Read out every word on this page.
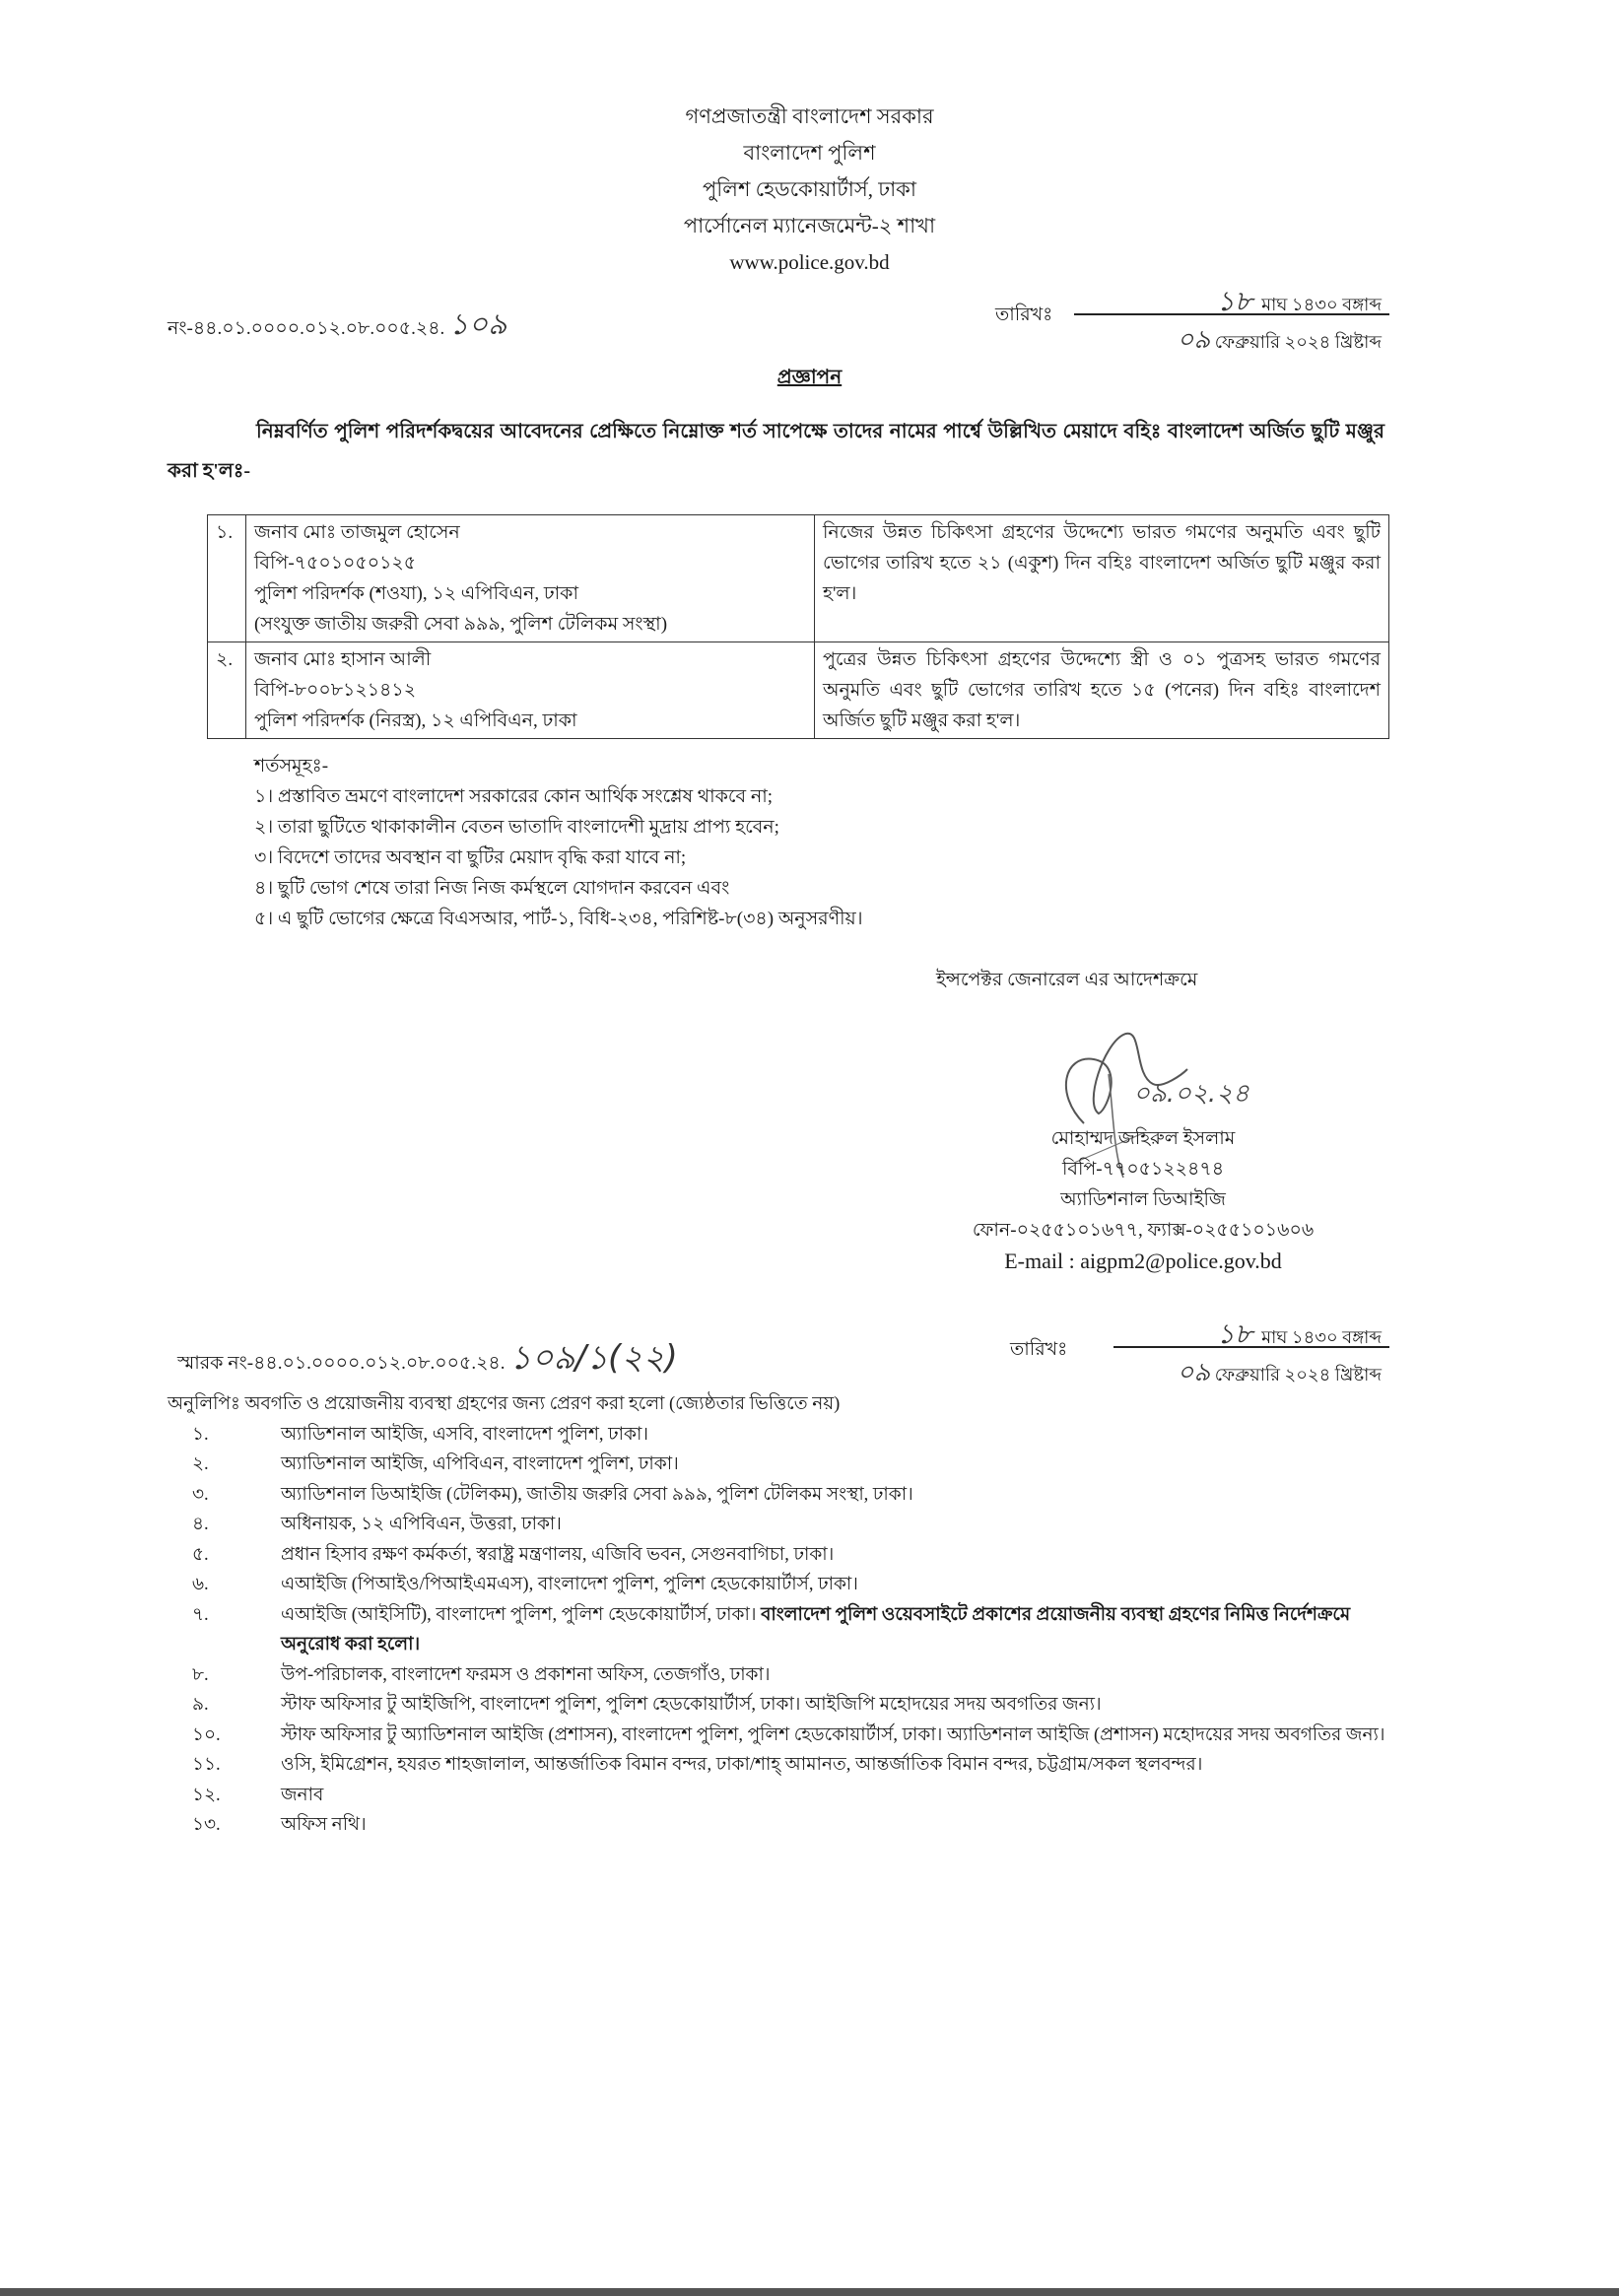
গণপ্রজাতন্ত্রী বাংলাদেশ সরকার
বাংলাদেশ পুলিশ
পুলিশ হেডকোয়ার্টার্স, ঢাকা
পার্সোনেল ম্যানেজমেন্ট-২ শাখা
www.police.gov.bd
নং-৪৪.০১.০০০০.০১২.০৮.০০৫.২৪. ১০৯	তারিখঃ	১৮ মাঘ ১৪৩০ বঙ্গাব্দ
০৯ ফেব্রুয়ারি ২০২৪ খ্রিষ্টাব্দ
প্রজ্ঞাপন
নিম্নবর্ণিত পুলিশ পরিদর্শকদ্বয়ের আবেদনের প্রেক্ষিতে নিম্নোক্ত শর্ত সাপেক্ষে তাদের নামের পার্শ্বে উল্লিখিত মেয়াদে বহিঃ বাংলাদেশ অর্জিত ছুটি মঞ্জুর করা হ'লঃ-
১.	জনাব মোঃ তাজমুল হোসেন
বিপি-৭৫০১০৫০১২৫
পুলিশ পরিদর্শক (শওযা), ১২ এপিবিএন, ঢাকা
(সংযুক্ত জাতীয় জরুরী সেবা ৯৯৯, পুলিশ টেলিকম সংস্থা)	নিজের উন্নত চিকিৎসা গ্রহণের উদ্দেশ্যে ভারত গমণের অনুমতি এবং ছুটি ভোগের তারিখ হতে ২১ (একুশ) দিন বহিঃ বাংলাদেশ অর্জিত ছুটি মঞ্জুর করা হ'ল।
২.	জনাব মোঃ হাসান আলী
বিপি-৮০০৮১২১৪১২
পুলিশ পরিদর্শক (নিরস্ত্র), ১২ এপিবিএন, ঢাকা	পুত্রের উন্নত চিকিৎসা গ্রহণের উদ্দেশ্যে স্ত্রী ও ০১ পুত্রসহ ভারত গমণের অনুমতি এবং ছুটি ভোগের তারিখ হতে ১৫ (পনের) দিন বহিঃ বাংলাদেশ অর্জিত ছুটি মঞ্জুর করা হ'ল।
শর্তসমূহঃ-
১। প্রস্তাবিত ভ্রমণে বাংলাদেশ সরকারের কোন আর্থিক সংশ্লেষ থাকবে না;
২। তারা ছুটিতে থাকাকালীন বেতন ভাতাদি বাংলাদেশী মুদ্রায় প্রাপ্য হবেন;
৩। বিদেশে তাদের অবস্থান বা ছুটির মেয়াদ বৃদ্ধি করা যাবে না;
৪। ছুটি ভোগ শেষে তারা নিজ নিজ কর্মস্থলে যোগদান করবেন এবং
৫। এ ছুটি ভোগের ক্ষেত্রে বিএসআর, পার্ট-১, বিধি-২৩৪, পরিশিষ্ট-৮(৩৪) অনুসরণীয়।
ইন্সপেক্টর জেনারেল এর আদেশক্রমে
০৯.০২.২৪
মোহাম্মদ জহিরুল ইসলাম
বিপি-৭৭০৫১২২৪৭৪
অ্যাডিশনাল ডিআইজি
ফোন-০২৫৫১০১৬৭৭, ফ্যাক্স-০২৫৫১০১৬০৬
E-mail : aigpm2@police.gov.bd
স্মারক নং-৪৪.০১.০০০০.০১২.০৮.০০৫.২৪. ১০৯/১(২২)	তারিখঃ	১৮ মাঘ ১৪৩০ বঙ্গাব্দ
০৯ ফেব্রুয়ারি ২০২৪ খ্রিষ্টাব্দ
অনুলিপিঃ অবগতি ও প্রয়োজনীয় ব্যবস্থা গ্রহণের জন্য প্রেরণ করা হলো (জ্যেষ্ঠতার ভিত্তিতে নয়)
১.	অ্যাডিশনাল আইজি, এসবি, বাংলাদেশ পুলিশ, ঢাকা।
২.	অ্যাডিশনাল আইজি, এপিবিএন, বাংলাদেশ পুলিশ, ঢাকা।
৩.	অ্যাডিশনাল ডিআইজি (টেলিকম), জাতীয় জরুরি সেবা ৯৯৯, পুলিশ টেলিকম সংস্থা, ঢাকা।
৪.	অধিনায়ক, ১২ এপিবিএন, উত্তরা, ঢাকা।
৫.	প্রধান হিসাব রক্ষণ কর্মকর্তা, স্বরাষ্ট্র মন্ত্রণালয়, এজিবি ভবন, সেগুনবাগিচা, ঢাকা।
৬.	এআইজি (পিআইও/পিআইএমএস), বাংলাদেশ পুলিশ, পুলিশ হেডকোয়ার্টার্স, ঢাকা।
৭.	এআইজি (আইসিটি), বাংলাদেশ পুলিশ, পুলিশ হেডকোয়ার্টার্স, ঢাকা। বাংলাদেশ পুলিশ ওয়েবসাইটে প্রকাশের প্রয়োজনীয় ব্যবস্থা গ্রহণের নিমিত্ত নির্দেশক্রমে অনুরোধ করা হলো।
৮.	উপ-পরিচালক, বাংলাদেশ ফরমস ও প্রকাশনা অফিস, তেজগাঁও, ঢাকা।
৯.	স্টাফ অফিসার টু আইজিপি, বাংলাদেশ পুলিশ, পুলিশ হেডকোয়ার্টার্স, ঢাকা। আইজিপি মহোদয়ের সদয় অবগতির জন্য।
১০.	স্টাফ অফিসার টু অ্যাডিশনাল আইজি (প্রশাসন), বাংলাদেশ পুলিশ, পুলিশ হেডকোয়ার্টার্স, ঢাকা। অ্যাডিশনাল আইজি (প্রশাসন) মহোদয়ের সদয় অবগতির জন্য।
১১.	ওসি, ইমিগ্রেশন, হযরত শাহজালাল, আন্তর্জাতিক বিমান বন্দর, ঢাকা/শাহ্ আমানত, আন্তর্জাতিক বিমান বন্দর, চট্টগ্রাম/সকল স্থলবন্দর।
১২.	জনাব
১৩.	অফিস নথি।
